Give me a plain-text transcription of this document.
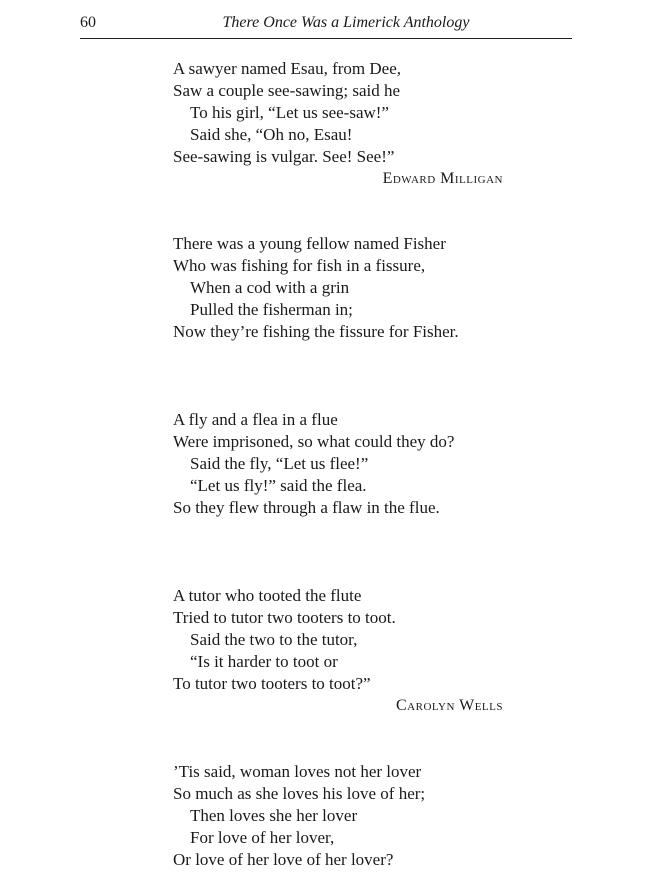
60	There Once Was a Limerick Anthology
A sawyer named Esau, from Dee,
Saw a couple see-sawing; said he
To his girl, “Let us see-saw!”
Said she, “Oh no, Esau!
See-sawing is vulgar. See! See!”
Edward Milligan
There was a young fellow named Fisher
Who was fishing for fish in a fissure,
When a cod with a grin
Pulled the fisherman in;
Now they’re fishing the fissure for Fisher.
A fly and a flea in a flue
Were imprisoned, so what could they do?
Said the fly, “Let us flee!”
“Let us fly!” said the flea.
So they flew through a flaw in the flue.
A tutor who tooted the flute
Tried to tutor two tooters to toot.
Said the two to the tutor,
“Is it harder to toot or
To tutor two tooters to toot?”
Carolyn Wells
’Tis said, woman loves not her lover
So much as she loves his love of her;
Then loves she her lover
For love of her lover,
Or love of her love of her lover?
